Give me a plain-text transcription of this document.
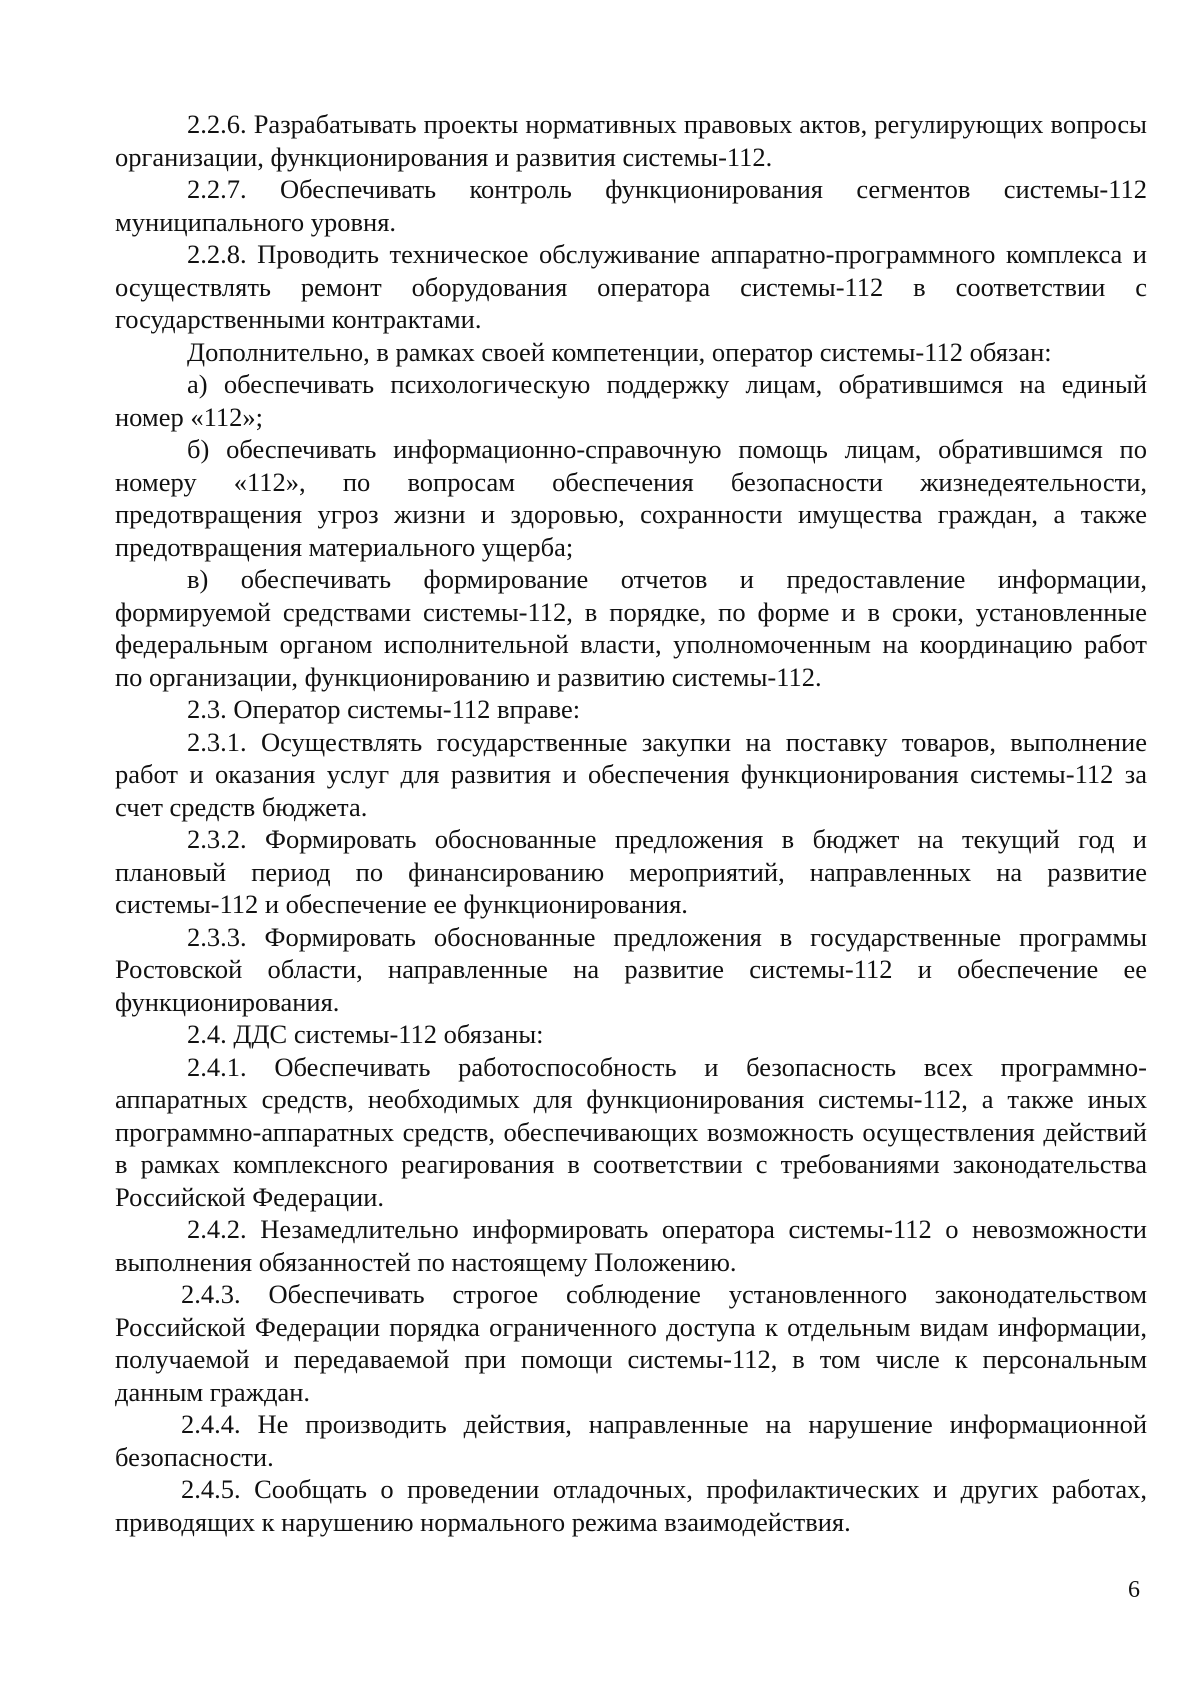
2.2.6. Разрабатывать проекты нормативных правовых актов, регулирующих вопросы организации, функционирования и развития системы-112.

2.2.7. Обеспечивать контроль функционирования сегментов системы-112 муниципального уровня.

2.2.8. Проводить техническое обслуживание аппаратно-программного комплекса и осуществлять ремонт оборудования оператора системы-112 в соответствии с государственными контрактами.

Дополнительно, в рамках своей компетенции, оператор системы-112 обязан:

а) обеспечивать психологическую поддержку лицам, обратившимся на единый номер «112»;

б) обеспечивать информационно-справочную помощь лицам, обратившимся по номеру «112», по вопросам обеспечения безопасности жизнедеятельности, предотвращения угроз жизни и здоровью, сохранности имущества граждан, а также предотвращения материального ущерба;

в) обеспечивать формирование отчетов и предоставление информации, формируемой средствами системы-112, в порядке, по форме и в сроки, установленные федеральным органом исполнительной власти, уполномоченным на координацию работ по организации, функционированию и развитию системы-112.

2.3. Оператор системы-112 вправе:

2.3.1. Осуществлять государственные закупки на поставку товаров, выполнение работ и оказания услуг для развития и обеспечения функционирования системы-112 за счет средств бюджета.

2.3.2. Формировать обоснованные предложения в бюджет на текущий год и плановый период по финансированию мероприятий, направленных на развитие системы-112 и обеспечение ее функционирования.

2.3.3. Формировать обоснованные предложения в государственные программы Ростовской области, направленные на развитие системы-112 и обеспечение ее функционирования.

2.4. ДДС системы-112 обязаны:

2.4.1. Обеспечивать работоспособность и безопасность всех программно-аппаратных средств, необходимых для функционирования системы-112, а также иных программно-аппаратных средств, обеспечивающих возможность осуществления действий в рамках комплексного реагирования в соответствии с требованиями законодательства Российской Федерации.

2.4.2. Незамедлительно информировать оператора системы-112 о невозможности выполнения обязанностей по настоящему Положению.

2.4.3. Обеспечивать строгое соблюдение установленного законодательством Российской Федерации порядка ограниченного доступа к отдельным видам информации, получаемой и передаваемой при помощи системы-112, в том числе к персональным данным граждан.

2.4.4. Не производить действия, направленные на нарушение информационной безопасности.

2.4.5. Сообщать о проведении отладочных, профилактических и других работах, приводящих к нарушению нормального режима взаимодействия.

6
